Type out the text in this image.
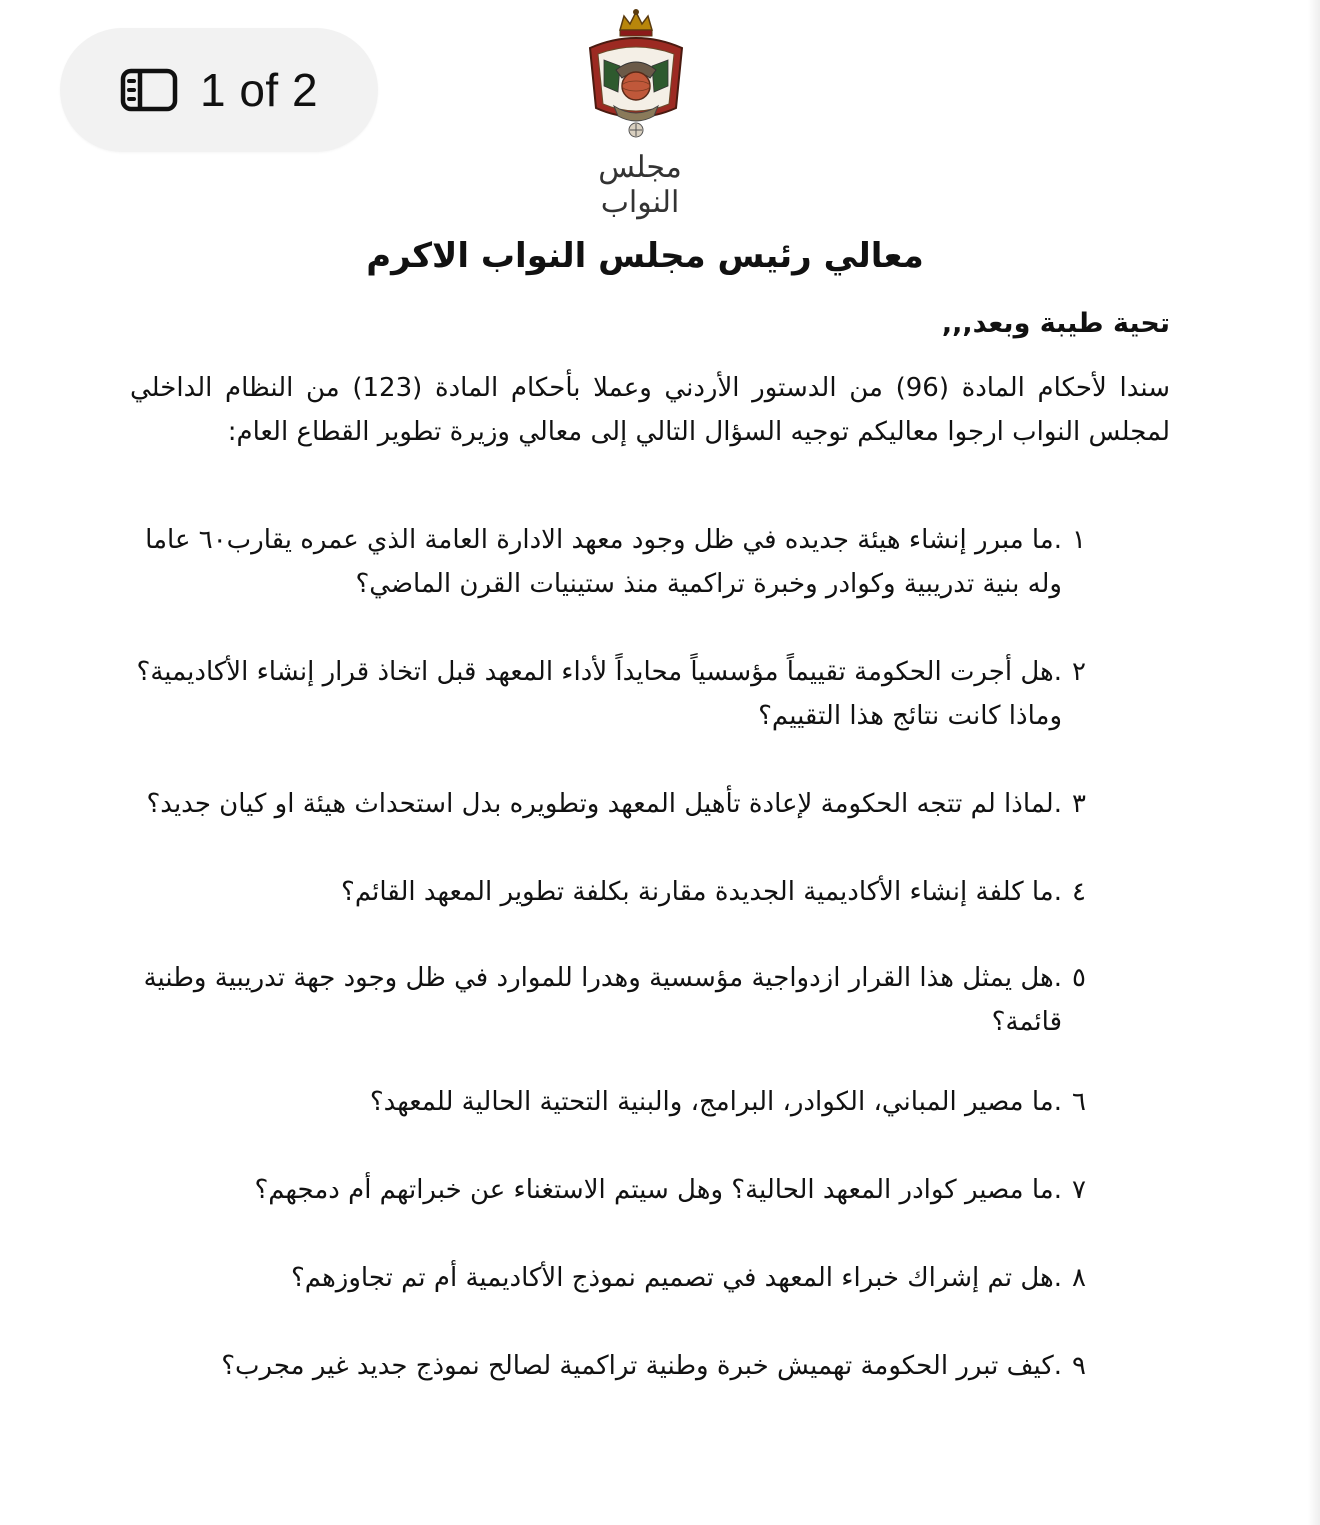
1 of 2
مجلس النواب
معالي رئيس مجلس النواب الاكرم
تحية طيبة وبعد,,,
سندا لأحكام المادة (96) من الدستور الأردني وعملا بأحكام المادة (123) من النظام الداخلي لمجلس النواب ارجوا معاليكم توجيه السؤال التالي إلى معالي وزيرة تطوير القطاع العام:
١
.ما مبرر إنشاء هيئة جديده في ظل وجود معهد الادارة العامة الذي عمره يقارب٦٠ عاما وله بنية تدريبية وكوادر وخبرة تراكمية منذ ستينيات القرن الماضي؟
٢
.هل أجرت الحكومة تقييماً مؤسسياً محايداً لأداء المعهد قبل اتخاذ قرار إنشاء الأكاديمية؟ وماذا كانت نتائج هذا التقييم؟
٣
.لماذا لم تتجه الحكومة لإعادة تأهيل المعهد وتطويره بدل استحداث هيئة او كيان جديد؟
٤
.ما كلفة إنشاء الأكاديمية الجديدة مقارنة بكلفة تطوير المعهد القائم؟
٥
.هل يمثل هذا القرار ازدواجية مؤسسية وهدرا للموارد في ظل وجود جهة تدريبية وطنية قائمة؟
٦
.ما مصير المباني، الكوادر، البرامج، والبنية التحتية الحالية للمعهد؟
٧
.ما مصير كوادر المعهد الحالية؟ وهل سيتم الاستغناء عن خبراتهم أم دمجهم؟
٨
.هل تم إشراك خبراء المعهد في تصميم نموذج الأكاديمية أم تم تجاوزهم؟
٩
.كيف تبرر الحكومة تهميش خبرة وطنية تراكمية لصالح نموذج جديد غير مجرب؟
